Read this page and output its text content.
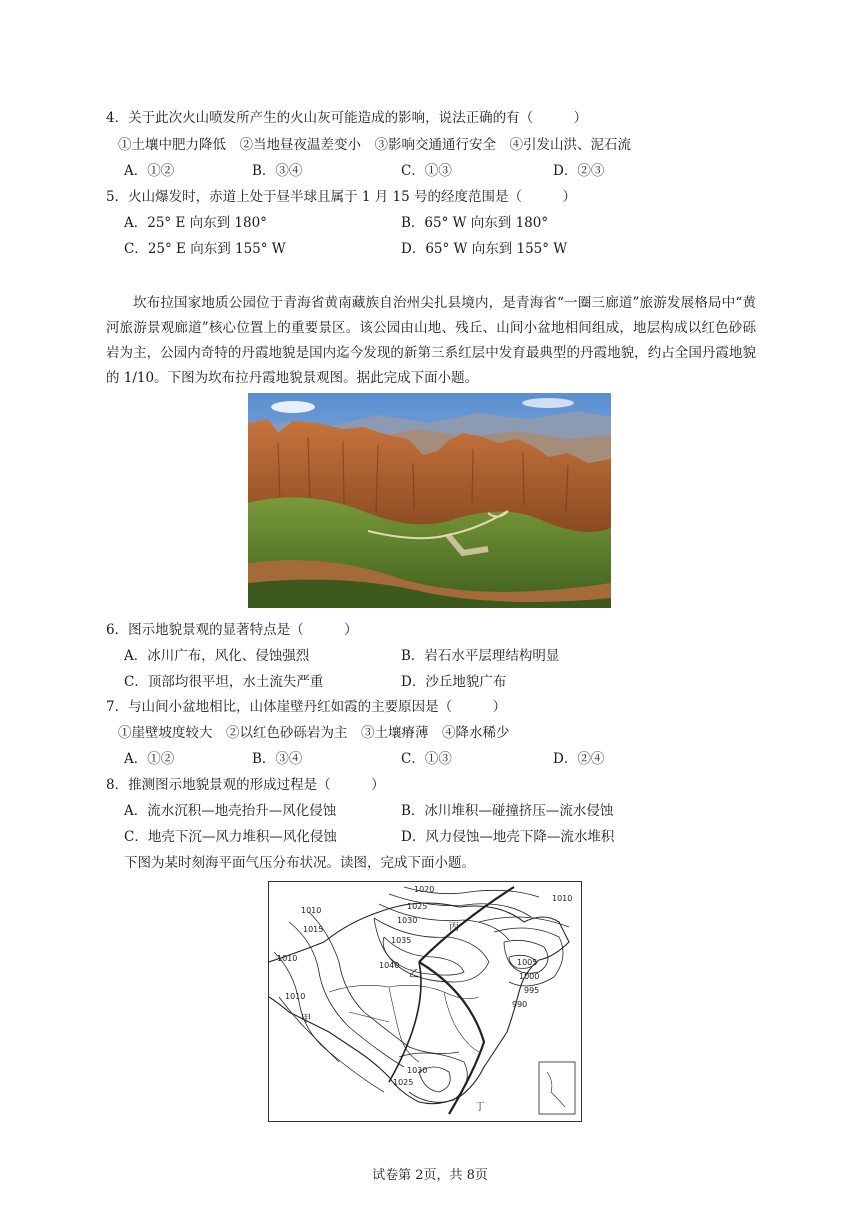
4．关于此次火山喷发所产生的火山灰可能造成的影响，说法正确的有（　　　）
①土壤中肥力降低　②当地昼夜温差变小　③影响交通通行安全　④引发山洪、泥石流
A．①②	B．③④	C．①③	D．②③
5．火山爆发时，赤道上处于昼半球且属于 1 月 15 号的经度范围是（　　　）
A．25° E 向东到 180°	B．65° W 向东到 180°
C．25° E 向东到 155° W	D．65° W 向东到 155° W
坎布拉国家地质公园位于青海省黄南藏族自治州尖扎县境内，是青海省“一圈三廊道”旅游发展格局中“黄河旅游景观廊道”核心位置上的重要景区。该公园由山地、残丘、山间小盆地相间组成，地层构成以红色砂砾岩为主，公园内奇特的丹霞地貌是国内迄今发现的新第三系红层中发育最典型的丹霞地貌，约占全国丹霞地貌的 1/10。下图为坎布拉丹霞地貌景观图。据此完成下面小题。
6．图示地貌景观的显著特点是（　　　）
A．冰川广布，风化、侵蚀强烈	B．岩石水平层理结构明显
C．顶部均很平坦，水土流失严重	D．沙丘地貌广布
7．与山间小盆地相比，山体崖壁丹红如霞的主要原因是（　　　）
①崖壁坡度较大　②以红色砂砾岩为主　③土壤瘠薄　④降水稀少
A．①②	B．③④	C．①③	D．②④
8．推测图示地貌景观的形成过程是（　　　）
A．流水沉积—地壳抬升—风化侵蚀	B．冰川堆积—碰撞挤压—流水侵蚀
C．地壳下沉—风力堆积—风化侵蚀	D．风力侵蚀—地壳下降—流水堆积
下图为某时刻海平面气压分布状况。读图，完成下面小题。
1020
1025
1030
1035
1040
1010
1015
1010
1010
1010
1005
1000
995
990
1030
1025
丙
乙
甲
丁
试卷第 2页，共 8页
